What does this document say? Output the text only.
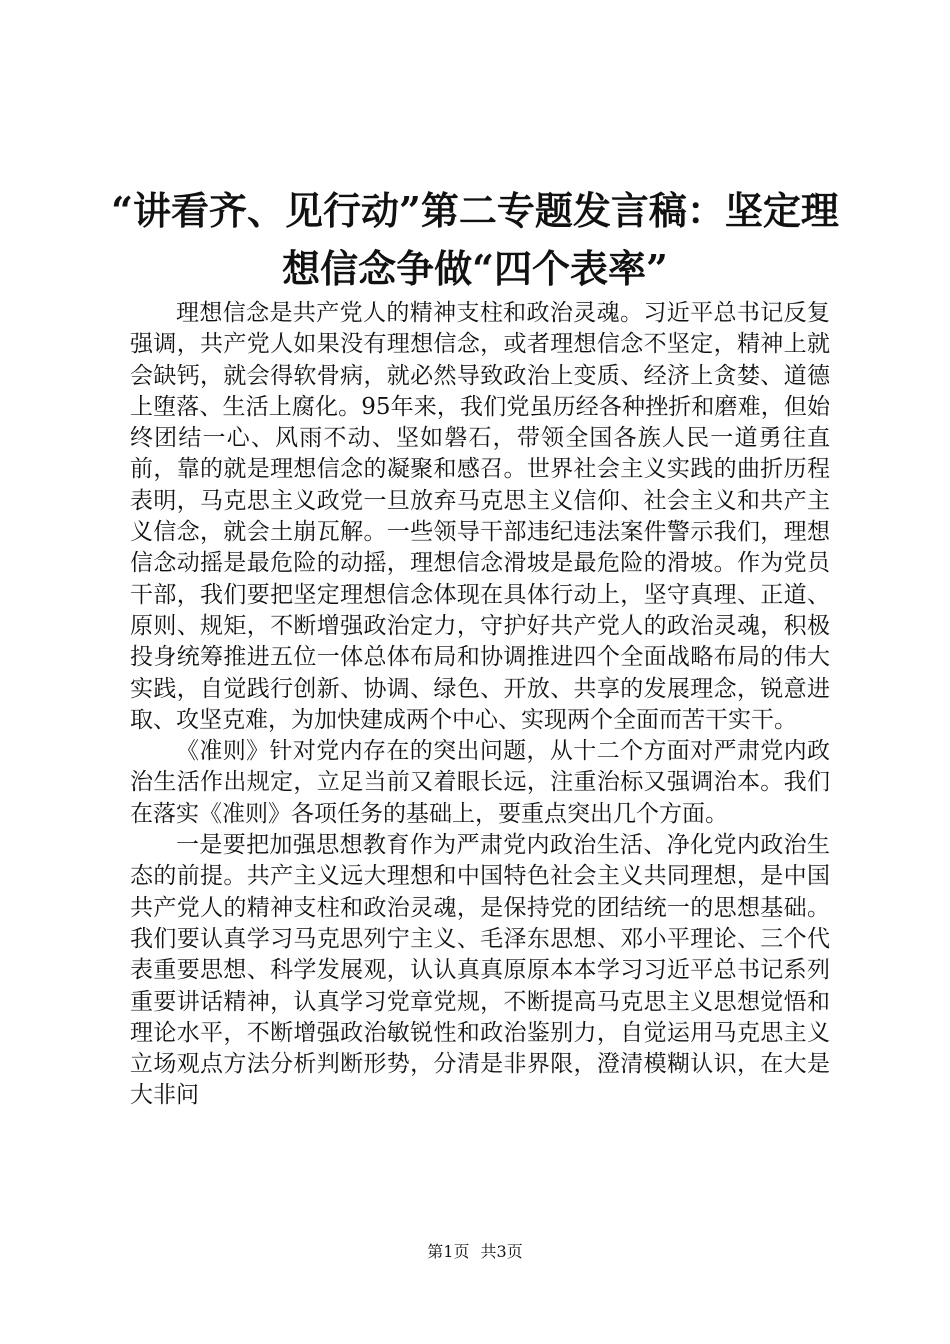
“讲看齐、见行动”第二专题发言稿：坚定理想信念争做“四个表率”

理想信念是共产党人的精神支柱和政治灵魂。习近平总书记反复强调，共产党人如果没有理想信念，或者理想信念不坚定，精神上就会缺钙，就会得软骨病，就必然导致政治上变质、经济上贪婪、道德上堕落、生活上腐化。95年来，我们党虽历经各种挫折和磨难，但始终团结一心、风雨不动、坚如磐石，带领全国各族人民一道勇往直前，靠的就是理想信念的凝聚和感召。世界社会主义实践的曲折历程表明，马克思主义政党一旦放弃马克思主义信仰、社会主义和共产主义信念，就会土崩瓦解。一些领导干部违纪违法案件警示我们，理想信念动摇是最危险的动摇，理想信念滑坡是最危险的滑坡。作为党员干部，我们要把坚定理想信念体现在具体行动上，坚守真理、正道、原则、规矩，不断增强政治定力，守护好共产党人的政治灵魂，积极投身统筹推进五位一体总体布局和协调推进四个全面战略布局的伟大实践，自觉践行创新、协调、绿色、开放、共享的发展理念，锐意进取、攻坚克难，为加快建成两个中心、实现两个全面而苦干实干。

《准则》针对党内存在的突出问题，从十二个方面对严肃党内政治生活作出规定，立足当前又着眼长远，注重治标又强调治本。我们在落实《准则》各项任务的基础上，要重点突出几个方面。

一是要把加强思想教育作为严肃党内政治生活、净化党内政治生态的前提。共产主义远大理想和中国特色社会主义共同理想，是中国共产党人的精神支柱和政治灵魂，是保持党的团结统一的思想基础。我们要认真学习马克思列宁主义、毛泽东思想、邓小平理论、三个代表重要思想、科学发展观，认认真真原原本本学习习近平总书记系列重要讲话精神，认真学习党章党规，不断提高马克思主义思想觉悟和理论水平，不断增强政治敏锐性和政治鉴别力，自觉运用马克思主义立场观点方法分析判断形势，分清是非界限，澄清模糊认识，在大是大非问

第1页 共3页
